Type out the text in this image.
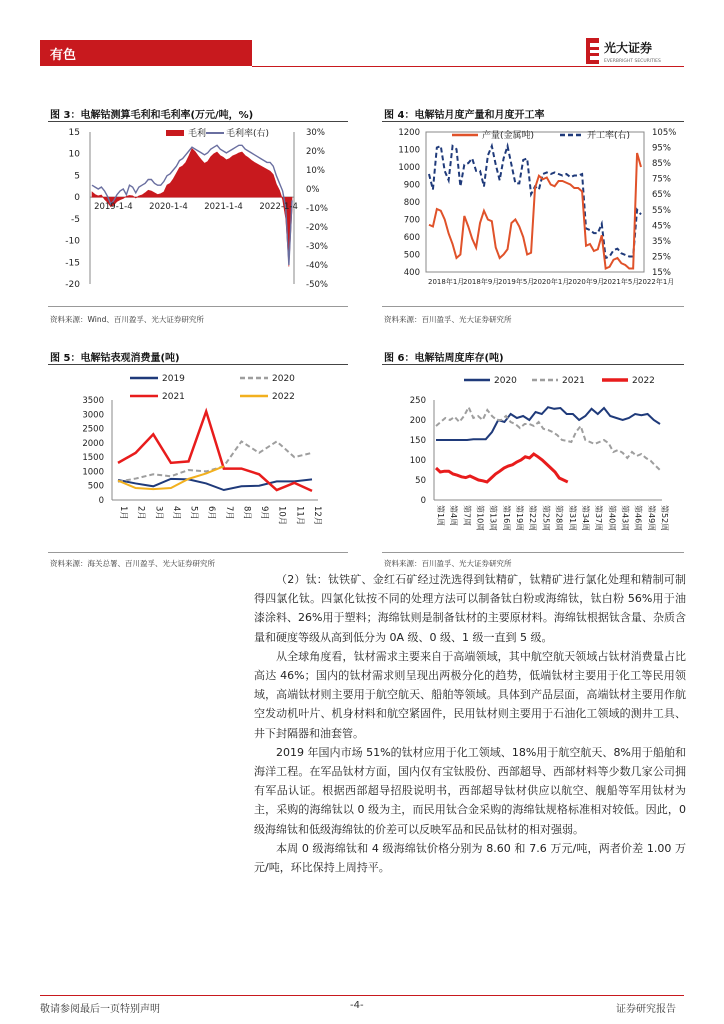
有色	光大证券
EVERBRIGHT SECURITIES
图 3：电解钴测算毛利和毛利率(万元/吨，%)
15
10
5
0
-5
-10
-15
-20
30%
20%
10%
0%
-10%
-20%
-30%
-40%
-50%
2019-1-4 2020-1-4 2021-1-4 2022-1-4
毛利 毛利率(右)
资料来源：Wind、百川盈孚、光大证券研究所
图 4：电解钴月度产量和月度开工率
1200
1100
1000
900
800
700
600
500
400
105%
95%
85%
75%
65%
55%
45%
35%
25%
15%
2018年1月
2018年9月
2019年5月
2020年1月
2020年9月
2021年5月
2022年1月
产量(金属吨)	开工率(右)
资料来源：百川盈孚、光大证券研究所
图 5：电解钴表观消费量(吨)
3500
3000
2500
2000
1500
1000
500
0
1月 2月 3月 4月 5月 6月 7月 8月 9月 10月 11月 12月
2019	2020
2021	2022
资料来源：海关总署、百川盈孚、光大证券研究所
图 6：电解钴周度库存(吨)
250
200
150
100
50
0
第1周 第4周 第7周 第10周 第13周 第16周 第19周 第22周 第25周 第28周 第31周 第34周 第37周 第40周 第43周 第46周 第49周 第52周
2020	2021	2022
资料来源：百川盈孚、光大证券研究所

（2）钛：钛铁矿、金红石矿经过洗选得到钛精矿，钛精矿进行氯化处理和精制可制得四氯化钛。四氯化钛按不同的处理方法可以制备钛白粉或海绵钛，钛白粉 56%用于油漆涂料、26%用于塑料；海绵钛则是制备钛材的主要原材料。海绵钛根据钛含量、杂质含量和硬度等级从高到低分为 0A 级、0 级、1 级一直到 5 级。

从全球角度看，钛材需求主要来自于高端领域，其中航空航天领域占钛材消费量占比高达 46%；国内的钛材需求则呈现出两极分化的趋势，低端钛材主要用于化工等民用领域，高端钛材则主要用于航空航天、船舶等领域。具体到产品层面，高端钛材主要用作航空发动机叶片、机身材料和航空紧固件，民用钛材则主要用于石油化工领域的测井工具、井下封隔器和油套管。

2019 年国内市场 51%的钛材应用于化工领域、18%用于航空航天、8%用于船舶和海洋工程。在军品钛材方面，国内仅有宝钛股份、西部超导、西部材料等少数几家公司拥有军品认证。根据西部超导招股说明书，西部超导钛材供应以航空、舰船等军用钛材为主，采购的海绵钛以 0 级为主，而民用钛合金采购的海绵钛规格标准相对较低。因此，0 级海绵钛和低级海绵钛的价差可以反映军品和民品钛材的相对强弱。

本周 0 级海绵钛和 4 级海绵钛价格分别为 8.60 和 7.6 万元/吨，两者价差 1.00 万元/吨，环比保持上周持平。

敬请参阅最后一页特别声明	-4-	证券研究报告
